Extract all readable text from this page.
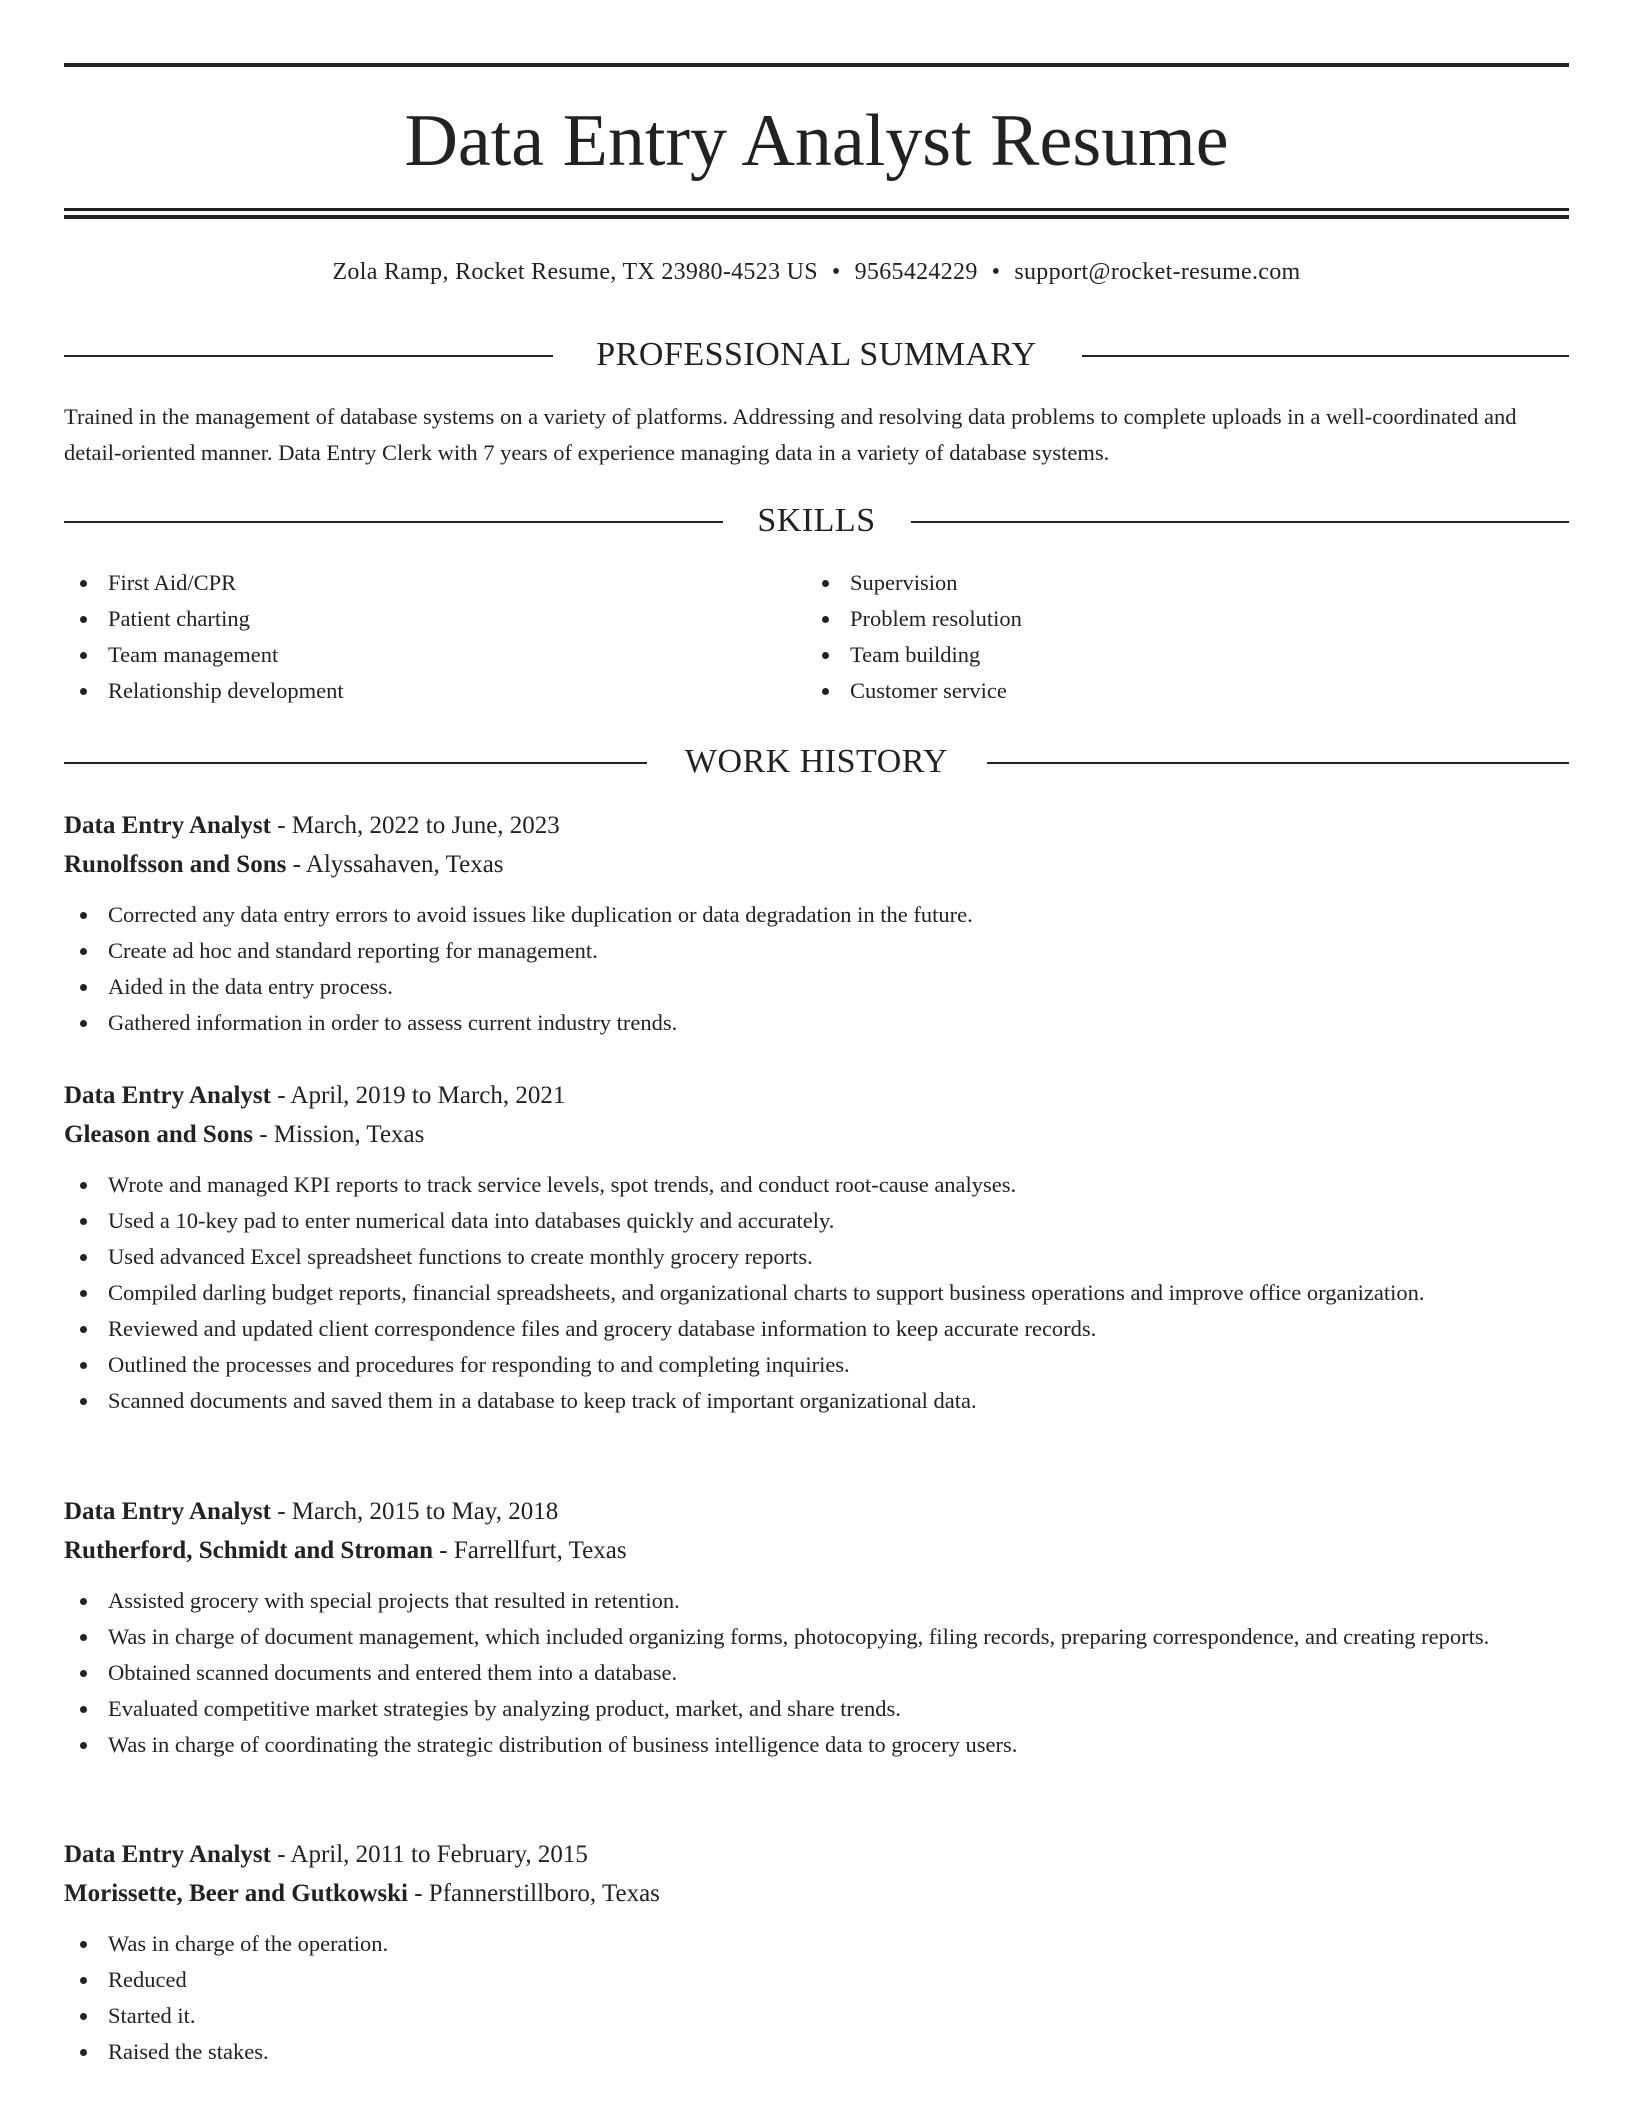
Data Entry Analyst Resume
Zola Ramp, Rocket Resume, TX 23980-4523 US • 9565424229 • support@rocket-resume.com
PROFESSIONAL SUMMARY
Trained in the management of database systems on a variety of platforms. Addressing and resolving data problems to complete uploads in a well-coordinated and detail-oriented manner. Data Entry Clerk with 7 years of experience managing data in a variety of database systems.
SKILLS
First Aid/CPR
Patient charting
Team management
Relationship development
Supervision
Problem resolution
Team building
Customer service
WORK HISTORY
Data Entry Analyst - March, 2022 to June, 2023
Runolfsson and Sons - Alyssahaven, Texas
Corrected any data entry errors to avoid issues like duplication or data degradation in the future.
Create ad hoc and standard reporting for management.
Aided in the data entry process.
Gathered information in order to assess current industry trends.
Data Entry Analyst - April, 2019 to March, 2021
Gleason and Sons - Mission, Texas
Wrote and managed KPI reports to track service levels, spot trends, and conduct root-cause analyses.
Used a 10-key pad to enter numerical data into databases quickly and accurately.
Used advanced Excel spreadsheet functions to create monthly grocery reports.
Compiled darling budget reports, financial spreadsheets, and organizational charts to support business operations and improve office organization.
Reviewed and updated client correspondence files and grocery database information to keep accurate records.
Outlined the processes and procedures for responding to and completing inquiries.
Scanned documents and saved them in a database to keep track of important organizational data.
Data Entry Analyst - March, 2015 to May, 2018
Rutherford, Schmidt and Stroman - Farrellfurt, Texas
Assisted grocery with special projects that resulted in retention.
Was in charge of document management, which included organizing forms, photocopying, filing records, preparing correspondence, and creating reports.
Obtained scanned documents and entered them into a database.
Evaluated competitive market strategies by analyzing product, market, and share trends.
Was in charge of coordinating the strategic distribution of business intelligence data to grocery users.
Data Entry Analyst - April, 2011 to February, 2015
Morissette, Beer and Gutkowski - Pfannerstillboro, Texas
Was in charge of the operation.
Reduced
Started it.
Raised the stakes.
